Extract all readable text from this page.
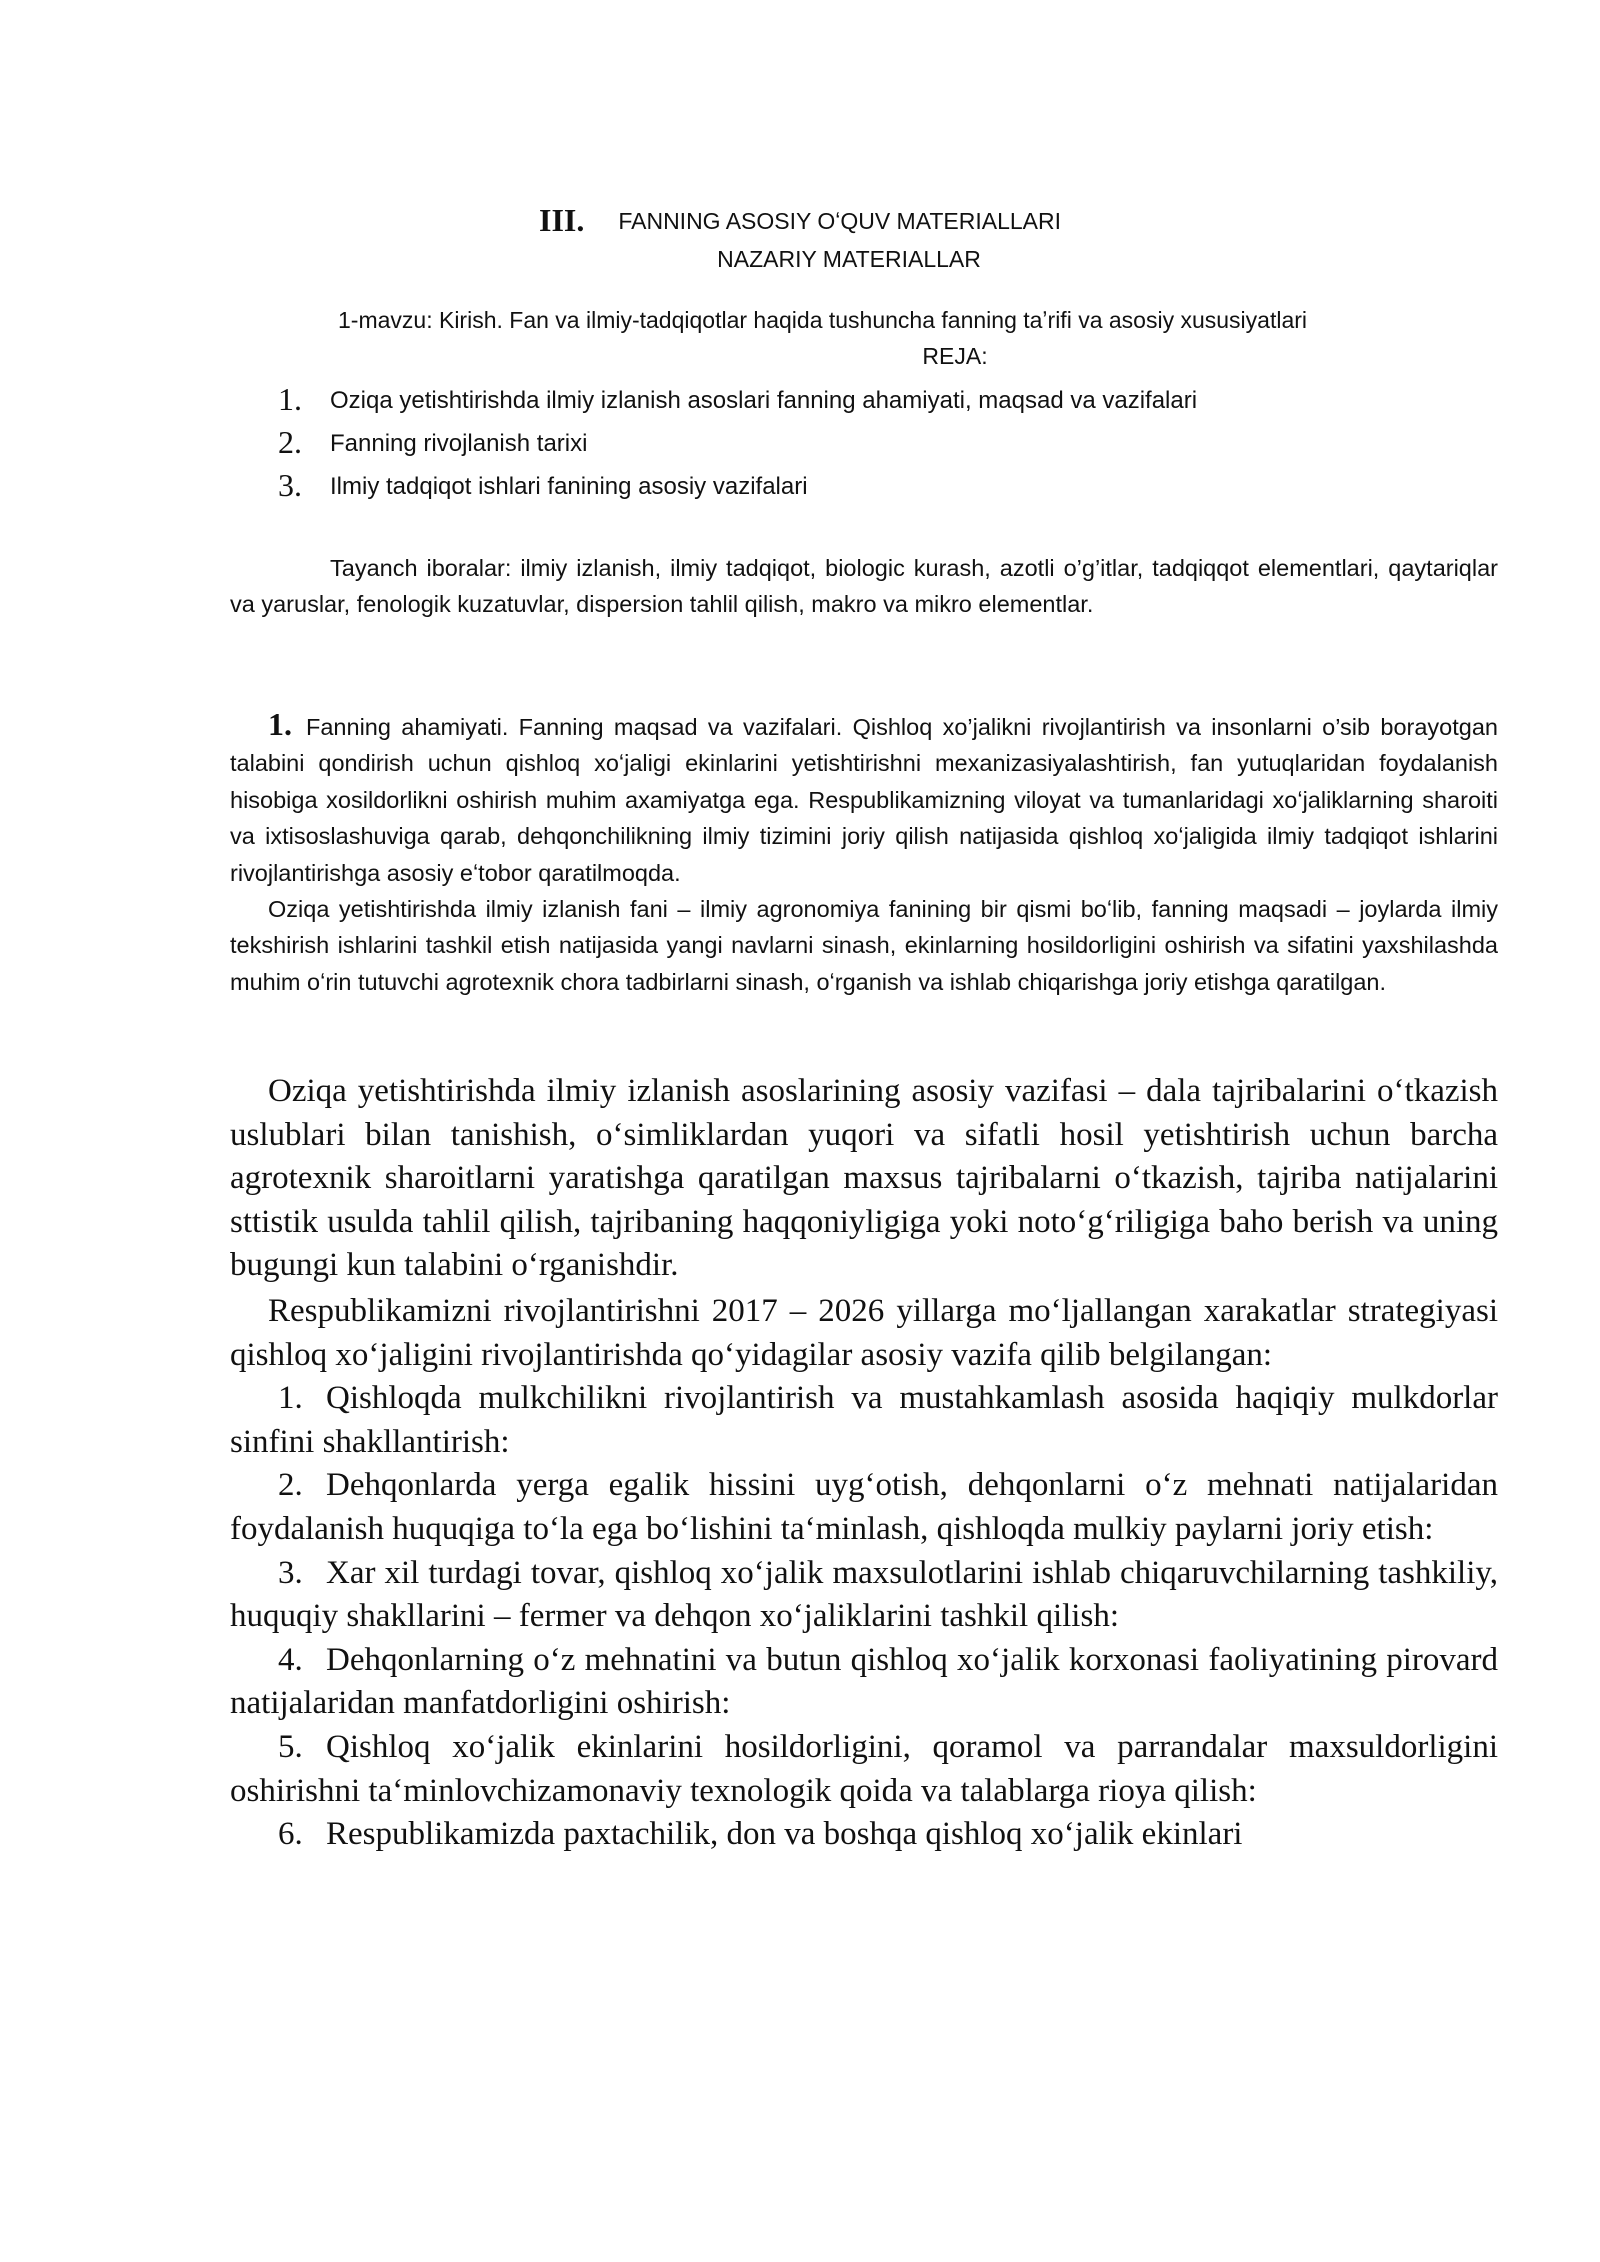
III. FANNING ASOSIY OʻQUV MATERIALLARI
NAZARIY MATERIALLAR
1-mavzu: Kirish. Fan va ilmiy-tadqiqotlar haqida tushuncha fanning taʼrifi va asosiy xususiyatlari
REJA:
1. Oziqa yetishtirishda ilmiy izlanish asoslari fanning ahamiyati, maqsad va vazifalari
2. Fanning rivojlanish tarixi
3. Ilmiy tadqiqot ishlari fanining asosiy vazifalari

Tayanch iboralar: ilmiy izlanish, ilmiy tadqiqot, biologic kurash, azotli o’g’itlar, tadqiqqot elementlari, qaytariqlar va yaruslar, fenologik kuzatuvlar, dispersion tahlil qilish, makro va mikro elementlar.

1. Fanning ahamiyati. Fanning maqsad va vazifalari. Qishloq xo’jalikni rivojlantirish va insonlarni o’sib borayotgan talabini qondirish uchun qishloq xoʻjaligi ekinlarini yetishtirishni mexanizasiyalashtirish, fan yutuqlaridan foydalanish hisobiga xosildorlikni oshirish muhim axamiyatga ega. Respublikamizning viloyat va tumanlaridagi xoʻjaliklarning sharoiti va ixtisoslashuviga qarab, dehqonchilikning ilmiy tizimini joriy qilish natijasida qishloq xoʻjaligida ilmiy tadqiqot ishlarini rivojlantirishga asosiy eʻtobor qaratilmoqda.

Oziqa yetishtirishda ilmiy izlanish fani – ilmiy agronomiya fanining bir qismi boʻlib, fanning maqsadi – joylarda ilmiy tekshirish ishlarini tashkil etish natijasida yangi navlarni sinash, ekinlarning hosildorligini oshirish va sifatini yaxshilashda muhim oʻrin tutuvchi agrotexnik chora tadbirlarni sinash, oʻrganish va ishlab chiqarishga joriy etishga qaratilgan.

Oziqa yetishtirishda ilmiy izlanish asoslarining asosiy vazifasi – dala tajribalarini oʻtkazish uslublari bilan tanishish, oʻsimliklardan yuqori va sifatli hosil yetishtirish uchun barcha agrotexnik sharoitlarni yaratishga qaratilgan maxsus tajribalarni oʻtkazish, tajriba natijalarini sttistik usulda tahlil qilish, tajribaning haqqoniyligiga yoki notoʻgʻriligiga baho berish va uning bugungi kun talabini oʻrganishdir.

Respublikamizni rivojlantirishni 2017 – 2026 yillarga moʻljallangan xarakatlar strategiyasi qishloq xoʻjaligini rivojlantirishda qoʻyidagilar asosiy vazifa qilib belgilangan:

1. Qishloqda mulkchilikni rivojlantirish va mustahkamlash asosida haqiqiy mulkdorlar sinfini shakllantirish:

2. Dehqonlarda yerga egalik hissini uygʻotish, dehqonlarni oʻz mehnati natijalaridan foydalanish huquqiga toʻla ega boʻlishini taʻminlash, qishloqda mulkiy paylarni joriy etish:

3. Xar xil turdagi tovar, qishloq xoʻjalik maxsulotlarini ishlab chiqaruvchilarning tashkiliy, huquqiy shakllarini – fermer va dehqon xoʻjaliklarini tashkil qilish:

4. Dehqonlarning oʻz mehnatini va butun qishloq xoʻjalik korxonasi faoliyatining pirovard natijalaridan manfatdorligini oshirish:

5. Qishloq xoʻjalik ekinlarini hosildorligini, qoramol va parrandalar maxsuldorligini oshirishni taʻminlovchizamonaviy texnologik qoida va talablarga rioya qilish:

6. Respublikamizda paxtachilik, don va boshqa qishloq xoʻjalik ekinlari
